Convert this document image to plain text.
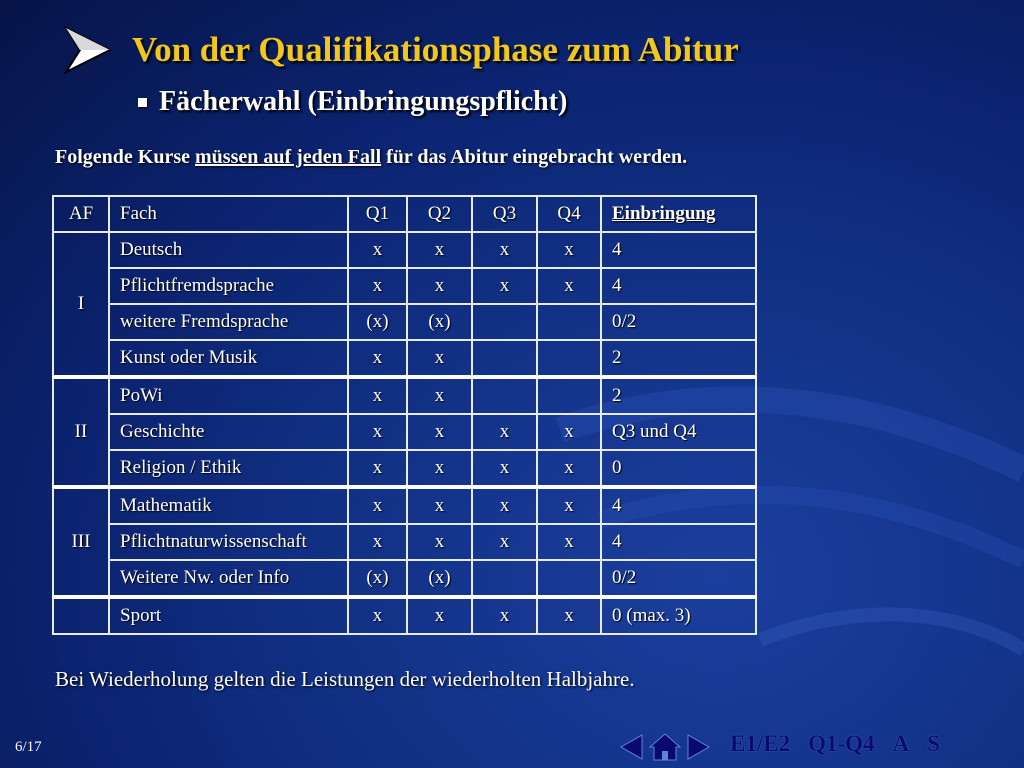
Von der Qualifikationsphase zum Abitur
Fächerwahl (Einbringungspflicht)
Folgende Kurse müssen auf jeden Fall für das Abitur eingebracht werden.
AF	Fach	Q1	Q2	Q3	Q4	Einbringung
I	Deutsch	x	x	x	x	4
	Pflichtfremdsprache	x	x	x	x	4
	weitere Fremdsprache	(x)	(x)			0/2
	Kunst oder Musik	x	x			2
II	PoWi	x	x			2
	Geschichte	x	x	x	x	Q3 und Q4
	Religion / Ethik	x	x	x	x	0
III	Mathematik	x	x	x	x	4
	Pflichtnaturwissenschaft	x	x	x	x	4
	Weitere Nw. oder Info	(x)	(x)			0/2
	Sport	x	x	x	x	0 (max. 3)
Bei Wiederholung gelten die Leistungen der wiederholten Halbjahre.
6/17	E1/E2 Q1-Q4 A S
